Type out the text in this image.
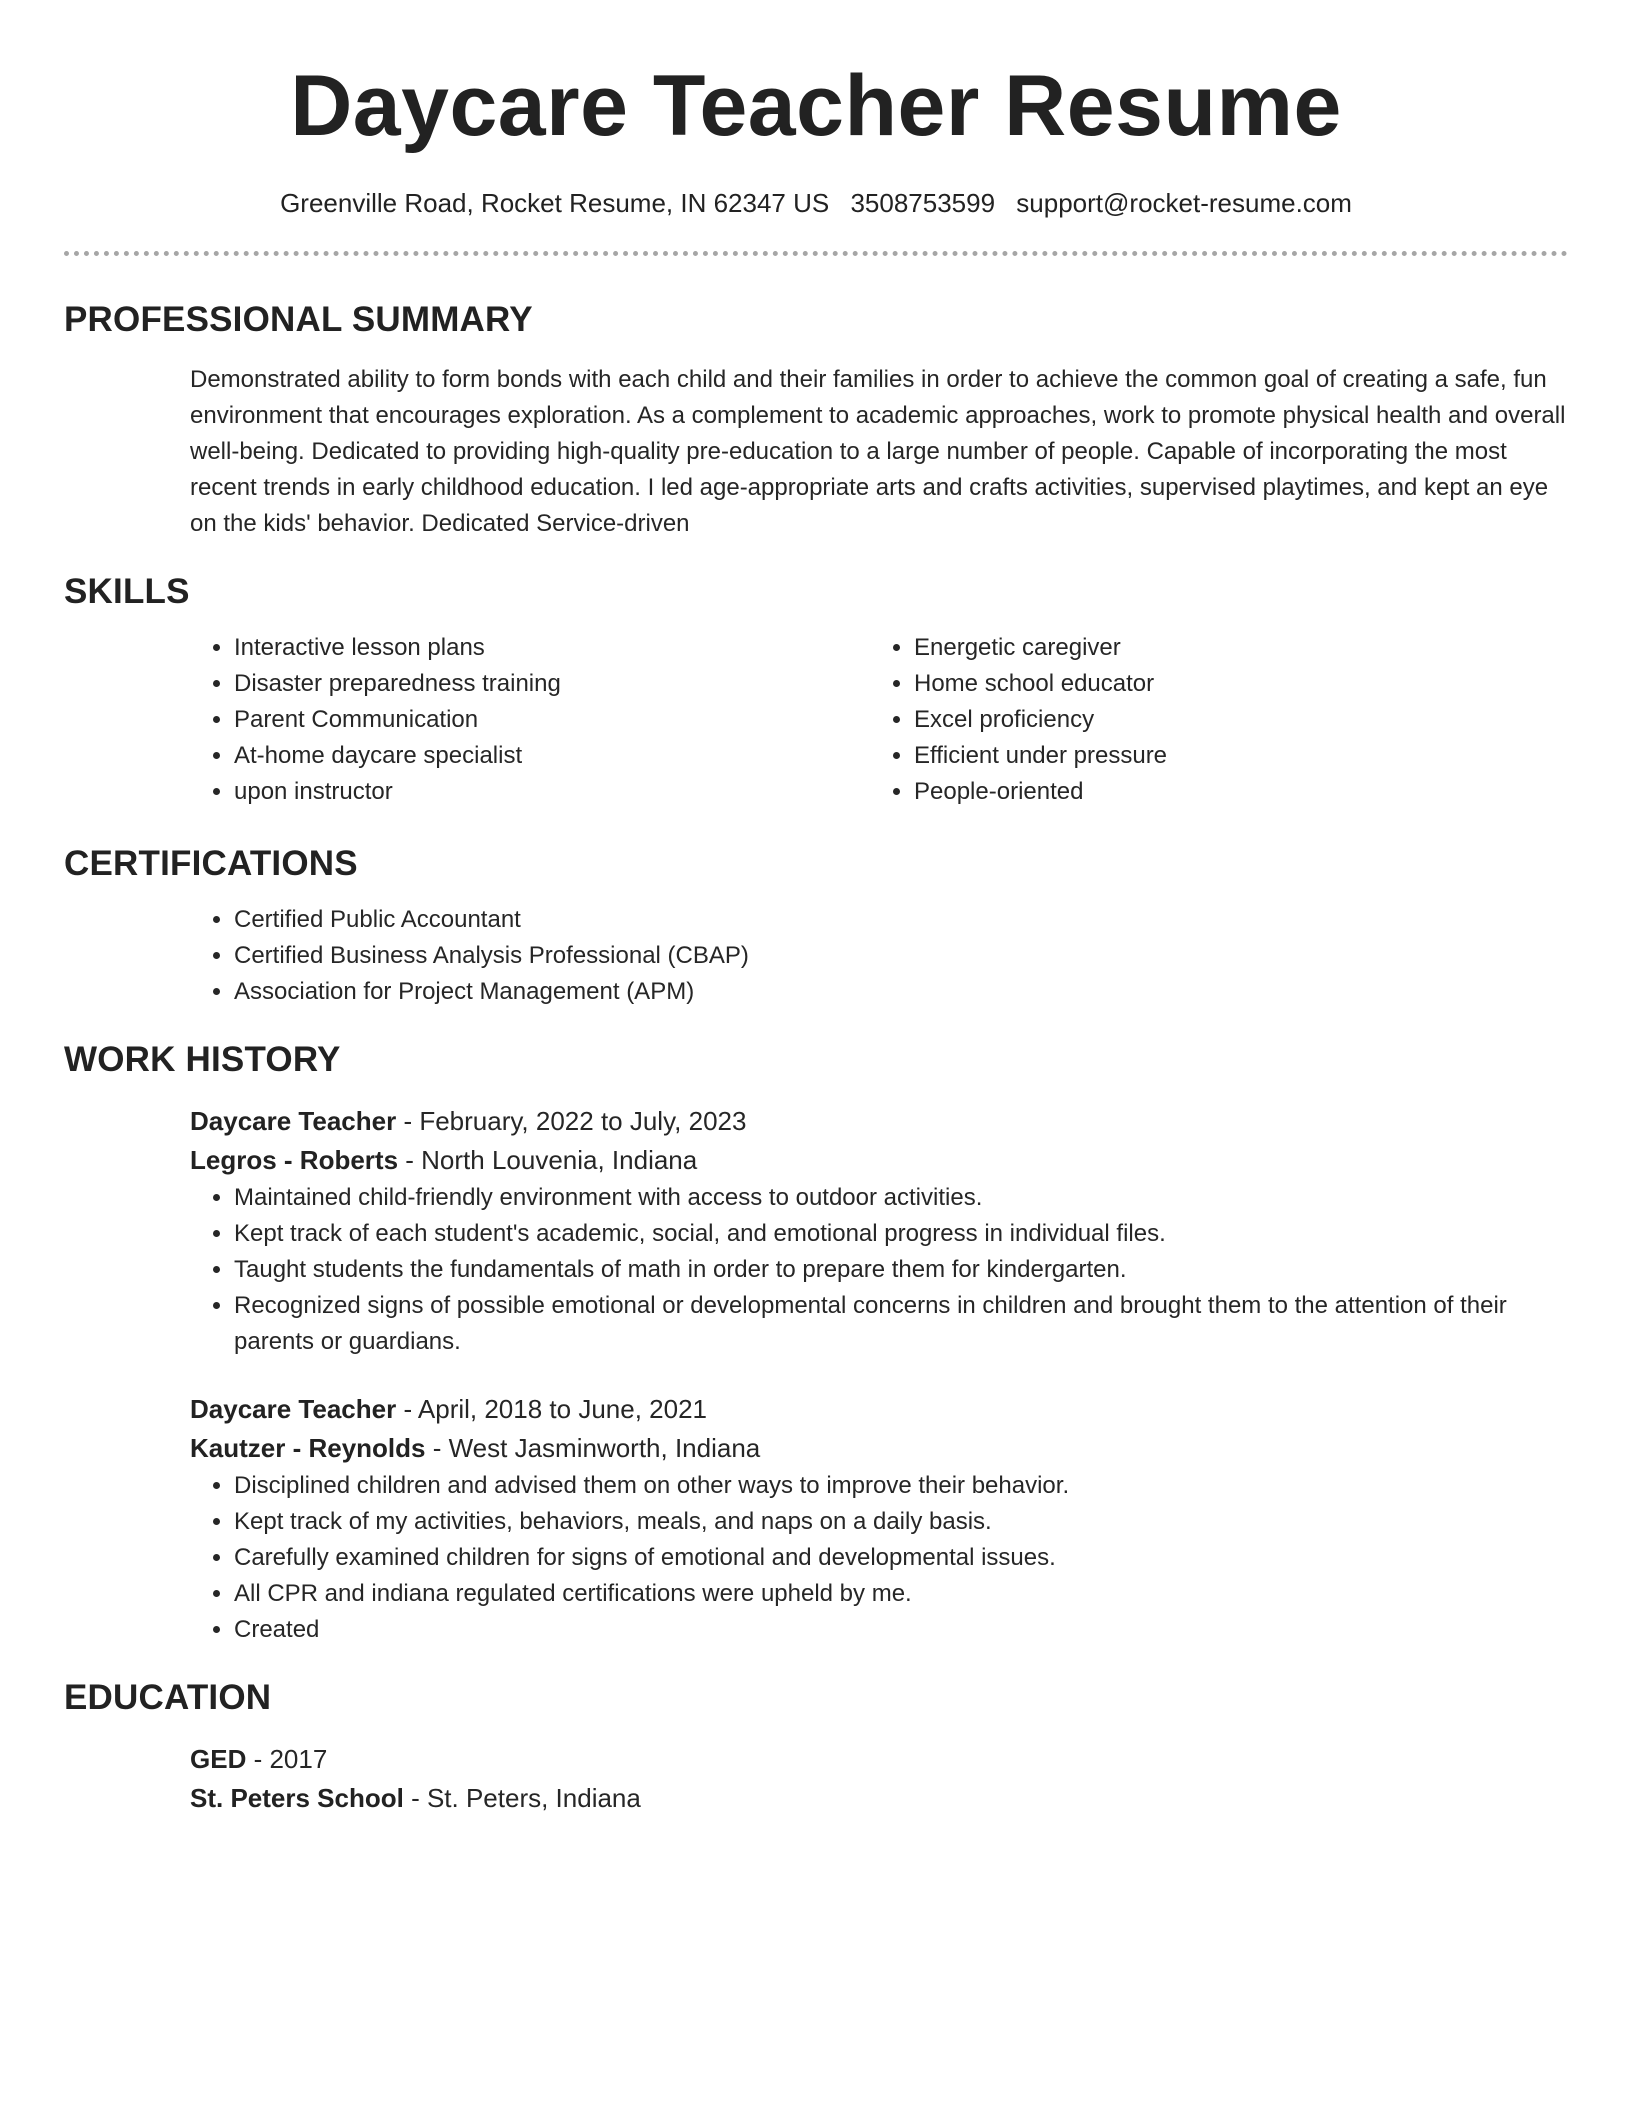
Daycare Teacher Resume
Greenville Road, Rocket Resume, IN 62347 US 3508753599 support@rocket-resume.com
PROFESSIONAL SUMMARY

Demonstrated ability to form bonds with each child and their families in order to achieve the common goal of creating a safe, fun environment that encourages exploration. As a complement to academic approaches, work to promote physical health and overall well-being. Dedicated to providing high-quality pre-education to a large number of people. Capable of incorporating the most recent trends in early childhood education. I led age-appropriate arts and crafts activities, supervised playtimes, and kept an eye on the kids' behavior. Dedicated Service-driven

SKILLS
• Interactive lesson plans
• Disaster preparedness training
• Parent Communication
• At-home daycare specialist
• upon instructor
• Energetic caregiver
• Home school educator
• Excel proficiency
• Efficient under pressure
• People-oriented
CERTIFICATIONS
• Certified Public Accountant
• Certified Business Analysis Professional (CBAP)
• Association for Project Management (APM)
WORK HISTORY
Daycare Teacher - February, 2022 to July, 2023
Legros - Roberts - North Louvenia, Indiana
• Maintained child-friendly environment with access to outdoor activities.
• Kept track of each student's academic, social, and emotional progress in individual files.
• Taught students the fundamentals of math in order to prepare them for kindergarten.
• Recognized signs of possible emotional or developmental concerns in children and brought them to the attention of their parents or guardians.
Daycare Teacher - April, 2018 to June, 2021
Kautzer - Reynolds - West Jasminworth, Indiana
• Disciplined children and advised them on other ways to improve their behavior.
• Kept track of my activities, behaviors, meals, and naps on a daily basis.
• Carefully examined children for signs of emotional and developmental issues.
• All CPR and indiana regulated certifications were upheld by me.
• Created
EDUCATION
GED - 2017
St. Peters School - St. Peters, Indiana
